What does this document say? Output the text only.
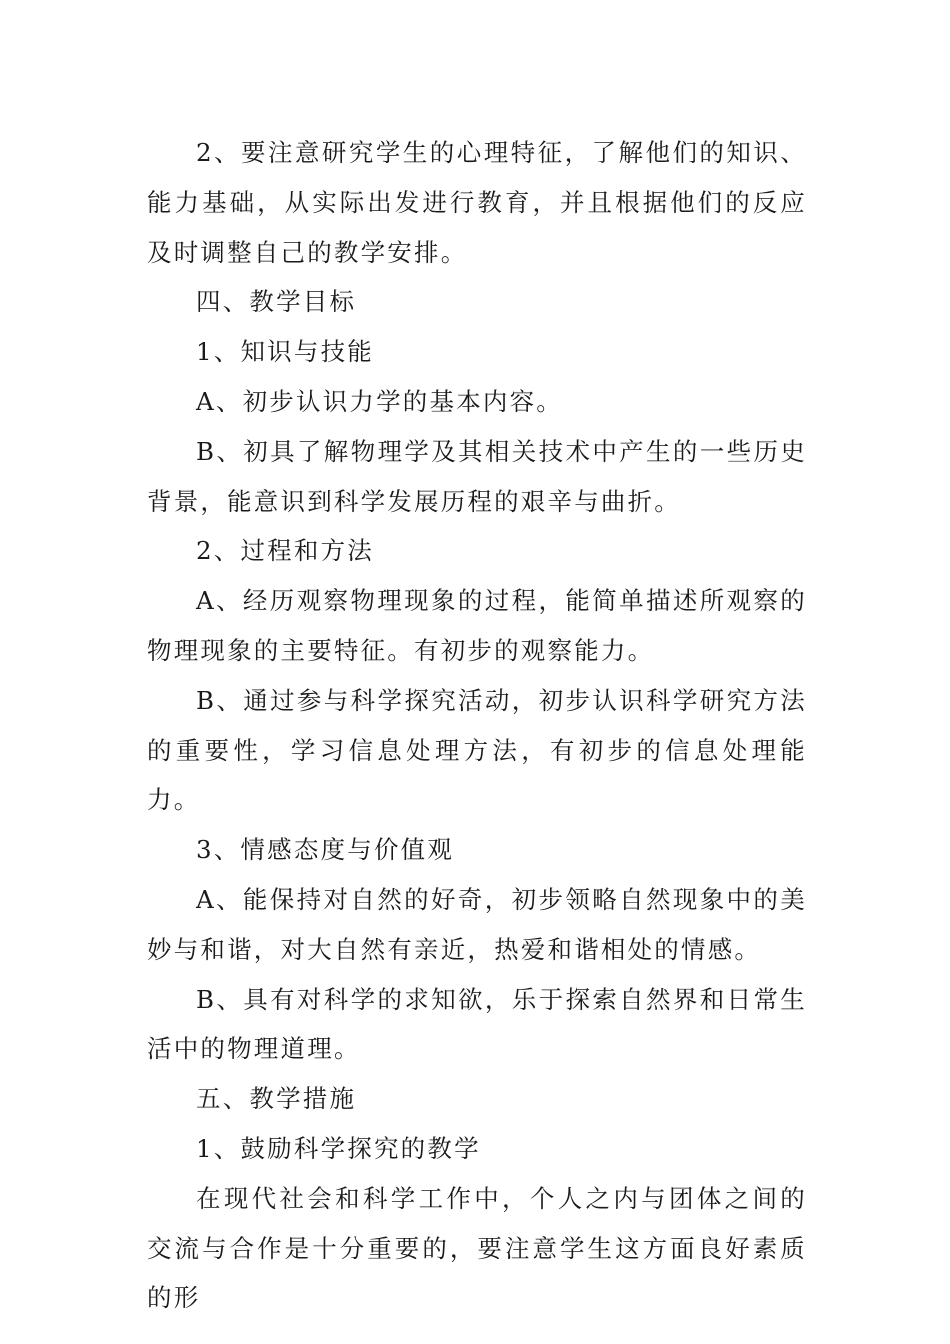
2、要注意研究学生的心理特征，了解他们的知识、能力基础，从实际出发进行教育，并且根据他们的反应及时调整自己的教学安排。

四、教学目标

1、知识与技能

A、初步认识力学的基本内容。

B、初具了解物理学及其相关技术中产生的一些历史背景，能意识到科学发展历程的艰辛与曲折。

2、过程和方法

A、经历观察物理现象的过程，能简单描述所观察的物理现象的主要特征。有初步的观察能力。

B、通过参与科学探究活动，初步认识科学研究方法的重要性，学习信息处理方法，有初步的信息处理能力。

3、情感态度与价值观

A、能保持对自然的好奇，初步领略自然现象中的美妙与和谐，对大自然有亲近，热爱和谐相处的情感。

B、具有对科学的求知欲，乐于探索自然界和日常生活中的物理道理。

五、教学措施

1、鼓励科学探究的教学

在现代社会和科学工作中，个人之内与团体之间的交流与合作是十分重要的，要注意学生这方面良好素质的形
